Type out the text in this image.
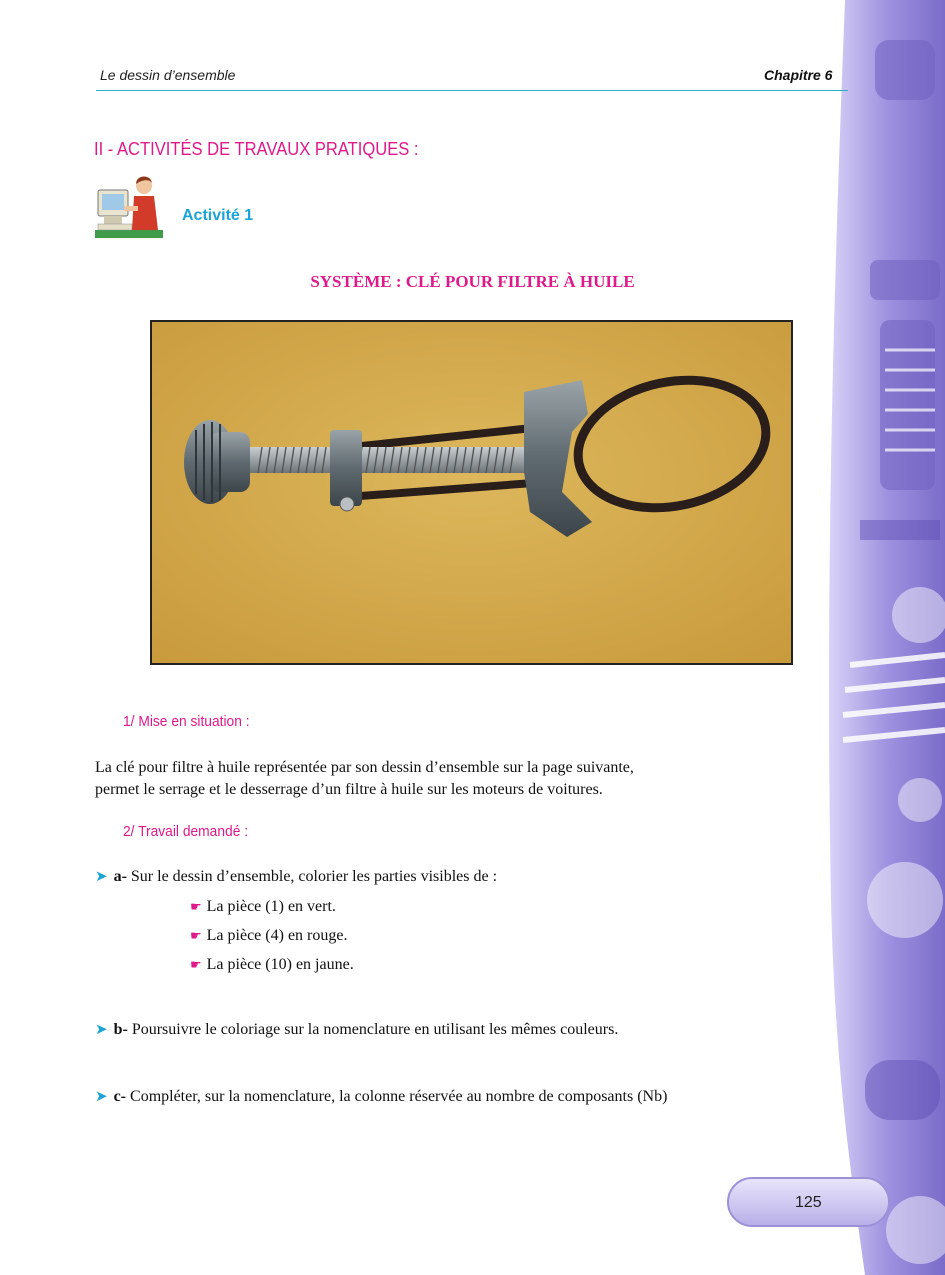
Le dessin d’ensemble	Chapitre 6
II - ACTIVITÉS DE TRAVAUX PRATIQUES :
Activité 1
SYSTÈME : CLÉ POUR FILTRE À HUILE
1/ Mise en situation :
La clé pour filtre à huile représentée par son dessin d’ensemble sur la page suivante,
permet le serrage et le desserrage d’un filtre à huile sur les moteurs de voitures.
2/ Travail demandé :
➤ a- Sur le dessin d’ensemble, colorier les parties visibles de :
☛ La pièce (1) en vert.
☛ La pièce (4) en rouge.
☛ La pièce (10) en jaune.
➤ b- Poursuivre le coloriage sur la nomenclature en utilisant les mêmes couleurs.
➤ c- Compléter, sur la nomenclature, la colonne réservée au nombre de composants (Nb)
125
